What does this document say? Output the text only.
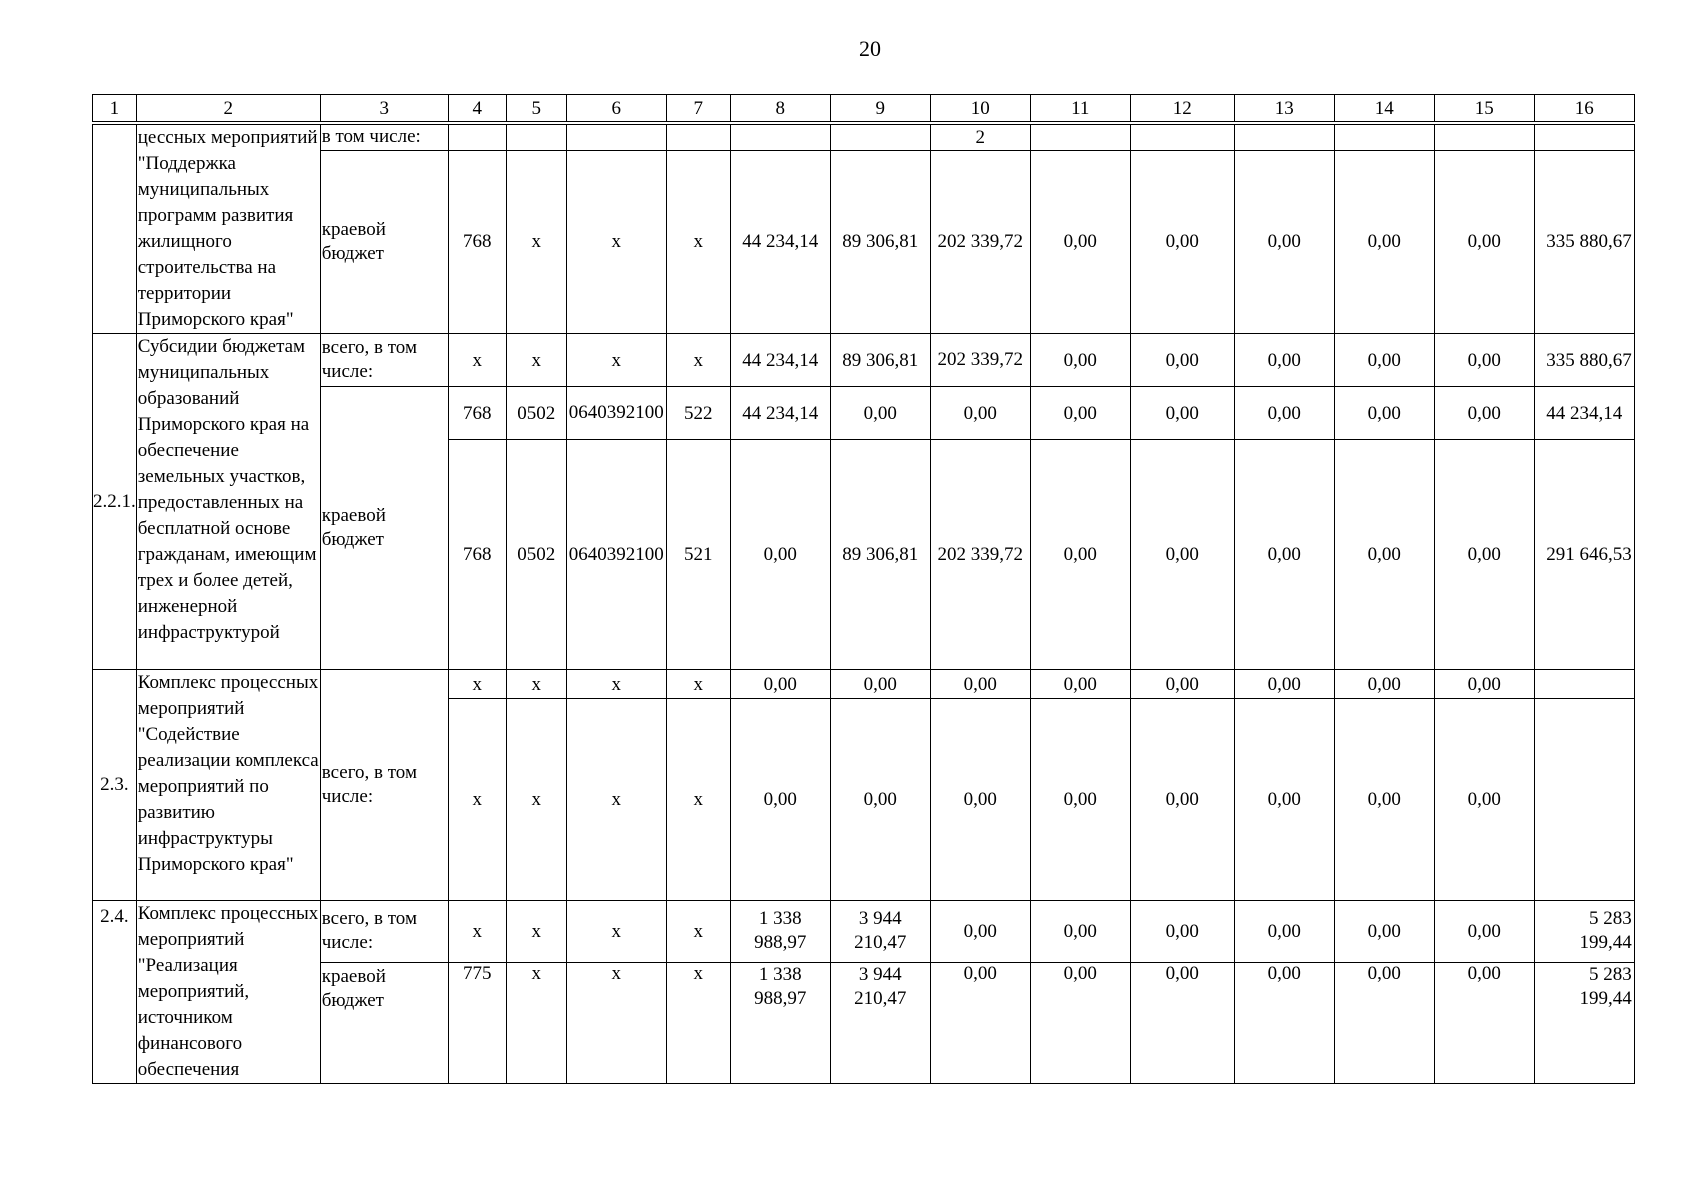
20
1	2	3	4	5	6	7	8	9	10	11	12	13	14	15	16
	цессных мероприятий "Поддержка муниципальных программ развития жилищного строительства на территории Приморского края"	в том числе:							2						
		краевой бюджет	768	x	x	x	44 234,14	89 306,81	202 339,72	0,00	0,00	0,00	0,00	0,00	335 880,67
2.2.1.	Субсидии бюджетам муниципальных образований Приморского края на обеспечение земельных участков, предоставленных на бесплатной основе гражданам, имеющим трех и более детей, инженерной инфраструктурой	всего, в том числе:	x	x	x	x	44 234,14	89 306,81	202 339,72	0,00	0,00	0,00	0,00	0,00	335 880,67
		краевой бюджет	768	0502	0640392100	522	44 234,14	0,00	0,00	0,00	0,00	0,00	0,00	0,00	44 234,14
			768	0502	0640392100	521	0,00	89 306,81	202 339,72	0,00	0,00	0,00	0,00	0,00	291 646,53
2.3.	Комплекс процессных мероприятий "Содействие реализации комплекса мероприятий по развитию инфраструктуры Приморского края"	всего, в том числе:	x	x	x	x	0,00	0,00	0,00	0,00	0,00	0,00	0,00	0,00	
			x	x	x	x	0,00	0,00	0,00	0,00	0,00	0,00	0,00	0,00	
2.4.	Комплекс процессных мероприятий "Реализация мероприятий, источником финансового обеспечения	всего, в том числе:	x	x	x	x	1 338 988,97	3 944 210,47	0,00	0,00	0,00	0,00	0,00	0,00	5 283 199,44
		краевой бюджет	775	x	x	x	1 338 988,97	3 944 210,47	0,00	0,00	0,00	0,00	0,00	0,00	5 283 199,44
